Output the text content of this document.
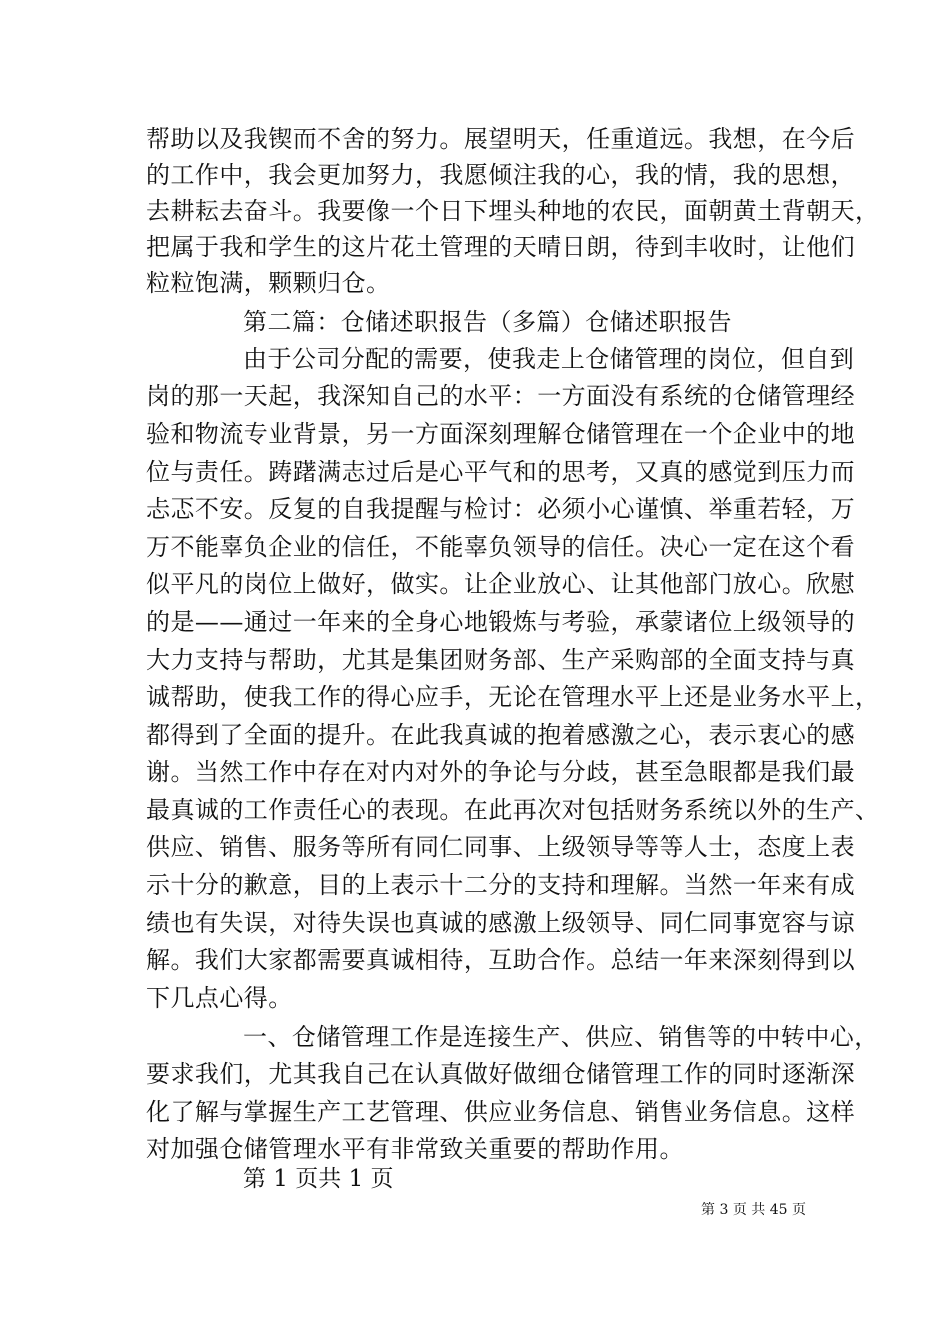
帮助以及我锲而不舍的努力。展望明天，任重道远。我想，在今后
的工作中，我会更加努力，我愿倾注我的心，我的情，我的思想，
去耕耘去奋斗。我要像一个日下埋头种地的农民，面朝黄土背朝天，
把属于我和学生的这片花土管理的天晴日朗，待到丰收时，让他们
粒粒饱满，颗颗归仓。
第二篇：仓储述职报告（多篇）仓储述职报告
由于公司分配的需要，使我走上仓储管理的岗位，但自到
岗的那一天起，我深知自己的水平：一方面没有系统的仓储管理经
验和物流专业背景，另一方面深刻理解仓储管理在一个企业中的地
位与责任。踌躇满志过后是心平气和的思考，又真的感觉到压力而
忐忑不安。反复的自我提醒与检讨：必须小心谨慎、举重若轻，万
万不能辜负企业的信任，不能辜负领导的信任。决心一定在这个看
似平凡的岗位上做好，做实。让企业放心、让其他部门放心。欣慰
的是——通过一年来的全身心地锻炼与考验，承蒙诸位上级领导的
大力支持与帮助，尤其是集团财务部、生产采购部的全面支持与真
诚帮助，使我工作的得心应手，无论在管理水平上还是业务水平上，
都得到了全面的提升。在此我真诚的抱着感激之心，表示衷心的感
谢。当然工作中存在对内对外的争论与分歧，甚至急眼都是我们最
最真诚的工作责任心的表现。在此再次对包括财务系统以外的生产、
供应、销售、服务等所有同仁同事、上级领导等等人士，态度上表
示十分的歉意，目的上表示十二分的支持和理解。当然一年来有成
绩也有失误，对待失误也真诚的感激上级领导、同仁同事宽容与谅
解。我们大家都需要真诚相待，互助合作。总结一年来深刻得到以
下几点心得。
一、仓储管理工作是连接生产、供应、销售等的中转中心，
要求我们，尤其我自己在认真做好做细仓储管理工作的同时逐渐深
化了解与掌握生产工艺管理、供应业务信息、销售业务信息。这样
对加强仓储管理水平有非常致关重要的帮助作用。
第 1 页共 1 页
第 3 页 共 45 页
